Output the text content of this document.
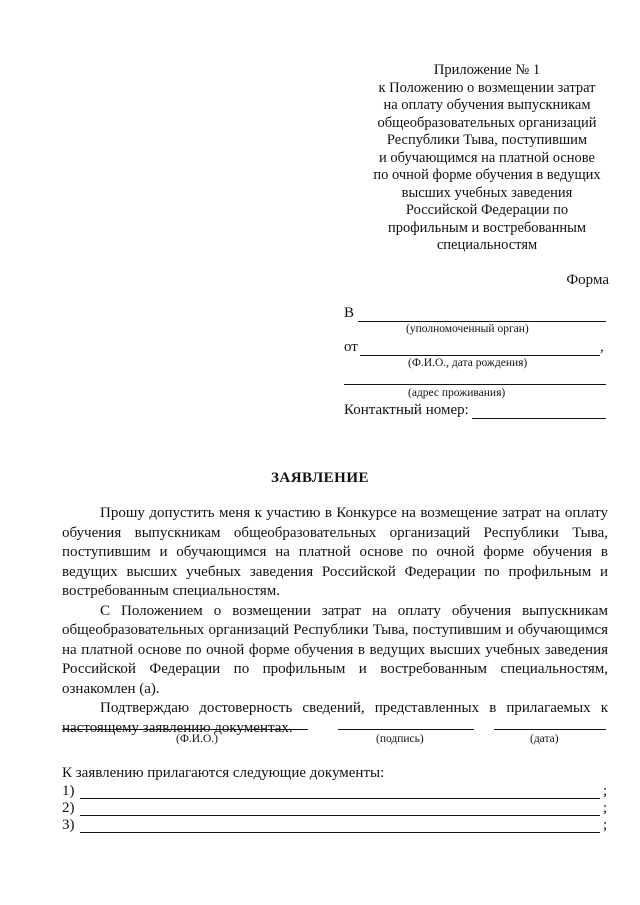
Приложение № 1
к Положению о возмещении затрат
на оплату обучения выпускникам
общеобразовательных организаций
Республики Тыва, поступившим
и обучающимся на платной основе
по очной форме обучения в ведущих
высших учебных заведения
Российской Федерации по
профильным и востребованным
специальностям
Форма
В
(уполномоченный орган)
от	,
(Ф.И.О., дата рождения)
(адрес проживания)
Контактный номер:
ЗАЯВЛЕНИЕ

Прошу допустить меня к участию в Конкурсе на возмещение затрат на оплату обучения выпускникам общеобразовательных организаций Республики Тыва, поступившим и обучающимся на платной основе по очной форме обучения в ведущих высших учебных заведения Российской Федерации по профильным и востребованным специальностям.

С Положением о возмещении затрат на оплату обучения выпускникам общеобразовательных организаций Республики Тыва, поступившим и обучающимся на платной основе по очной форме обучения в ведущих высших учебных заведения Российской Федерации по профильным и востребованным специальностям, ознакомлен (а).

Подтверждаю достоверность сведений, представленных в прилагаемых к настоящему заявлению документах.

(Ф.И.О.)	(подпись)	(дата)
К заявлению прилагаются следующие документы:
1)	;
2)	;
3)	;
